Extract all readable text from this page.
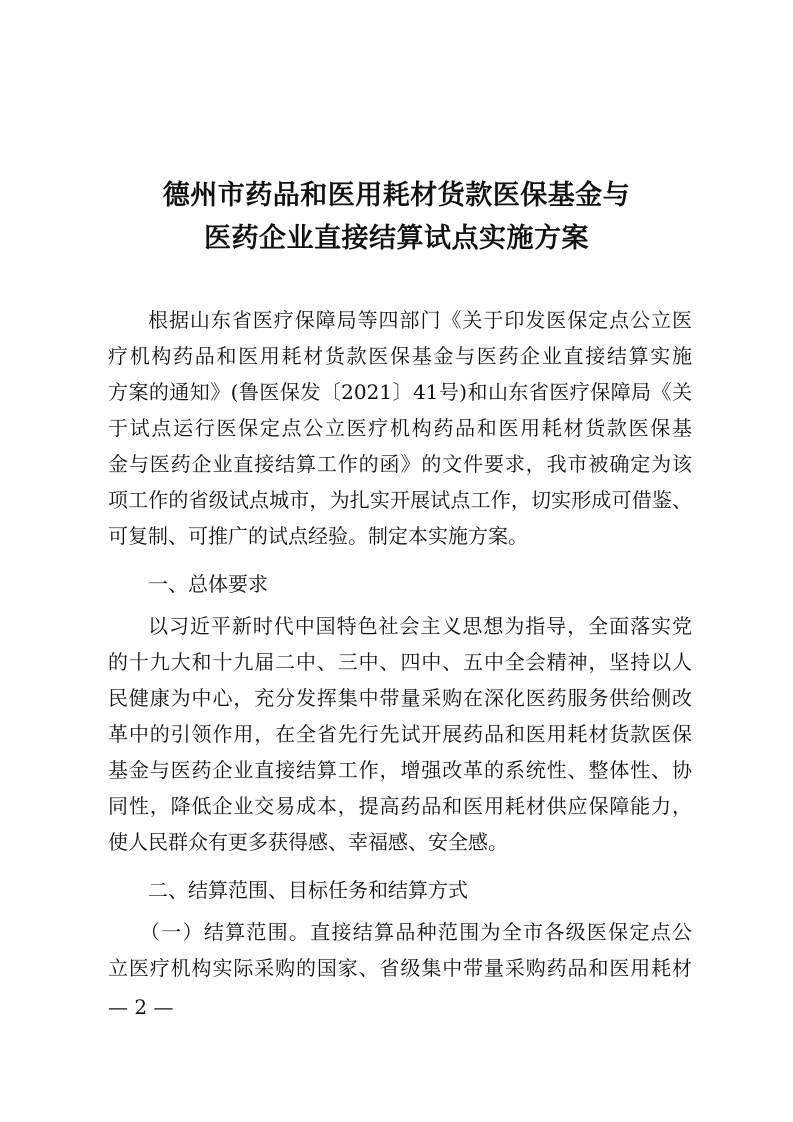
德州市药品和医用耗材货款医保基金与
医药企业直接结算试点实施方案
根据山东省医疗保障局等四部门《关于印发医保定点公立医
疗机构药品和医用耗材货款医保基金与医药企业直接结算实施
方案的通知》(鲁医保发〔2021〕41号)和山东省医疗保障局《关
于试点运行医保定点公立医疗机构药品和医用耗材货款医保基
金与医药企业直接结算工作的函》的文件要求，我市被确定为该
项工作的省级试点城市，为扎实开展试点工作，切实形成可借鉴、
可复制、可推广的试点经验。制定本实施方案。
一、总体要求
以习近平新时代中国特色社会主义思想为指导，全面落实党
的十九大和十九届二中、三中、四中、五中全会精神，坚持以人
民健康为中心，充分发挥集中带量采购在深化医药服务供给侧改
革中的引领作用，在全省先行先试开展药品和医用耗材货款医保
基金与医药企业直接结算工作，增强改革的系统性、整体性、协
同性，降低企业交易成本，提高药品和医用耗材供应保障能力，
使人民群众有更多获得感、幸福感、安全感。
二、结算范围、目标任务和结算方式
（一）结算范围。直接结算品种范围为全市各级医保定点公
立医疗机构实际采购的国家、省级集中带量采购药品和医用耗材
— 2 —
